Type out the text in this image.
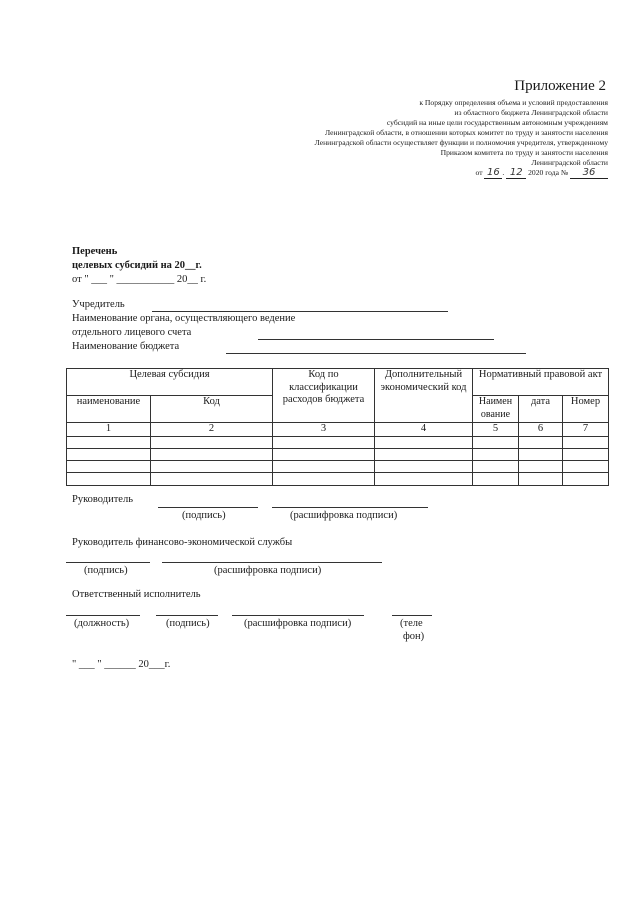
Приложение 2
к Порядку определения объема и условий предоставления
из областного бюджета Ленинградской области
субсидий на иные цели государственным автономным учреждениям
Ленинградской области, в отношении которых комитет по труду и занятости населения
Ленинградской области осуществляет функции и полномочия учредителя, утвержденному
Приказом комитета по труду и занятости населения
Ленинградской области
от 16 . 12 2020 года № 36
Перечень
целевых субсидий на 20__г.
от " ___ " ___________ 20__ г.
Учредитель
Наименование органа, осуществляющего ведение
отдельного лицевого счета
Наименование бюджета
Целевая субсидия		Код по классификации расходов бюджета	Дополнительный экономический код	Нормативный правовой акт		
наименование	Код			Наимен ование	дата	Номер
1	2	3	4	5	6	7

Руководитель
(подпись)	(расшифровка подписи)
Руководитель финансово-экономической службы
(подпись)	(расшифровка подписи)
Ответственный исполнитель
(должность)	(подпись)	(расшифровка подписи)	(теле
фон)
" ___ " ______ 20___г.
